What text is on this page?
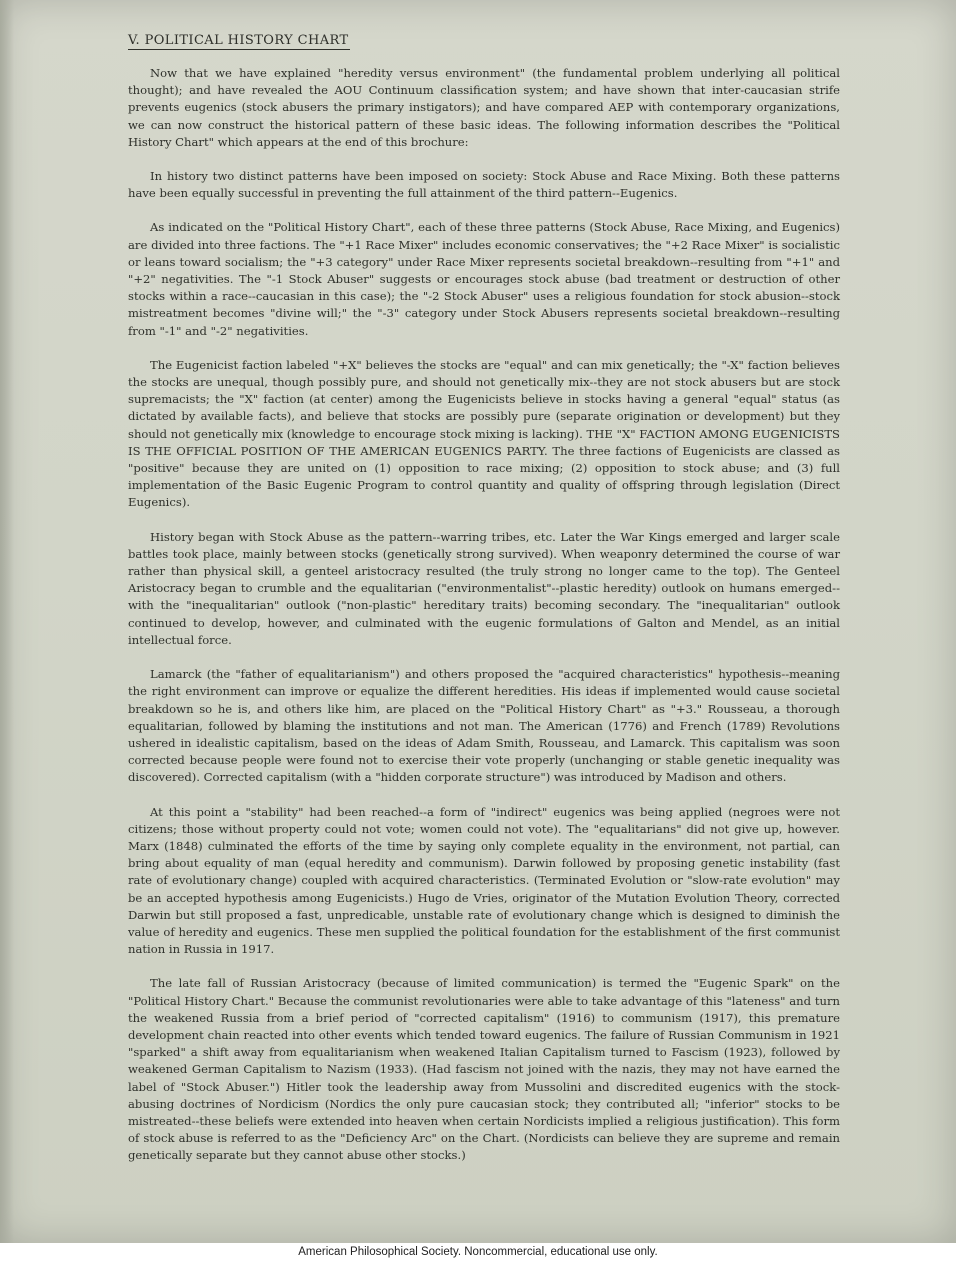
V. POLITICAL HISTORY CHART

Now that we have explained "heredity versus environment" (the fundamental problem underlying all political thought); and have revealed the AOU Continuum classification system; and have shown that inter-caucasian strife prevents eugenics (stock abusers the primary instigators); and have compared AEP with contemporary organizations, we can now construct the historical pattern of these basic ideas. The following information describes the "Political History Chart" which appears at the end of this brochure:

In history two distinct patterns have been imposed on society: Stock Abuse and Race Mixing. Both these patterns have been equally successful in preventing the full attainment of the third pattern--Eugenics.

As indicated on the "Political History Chart", each of these three patterns (Stock Abuse, Race Mixing, and Eugenics) are divided into three factions. The "+1 Race Mixer" includes economic conservatives; the "+2 Race Mixer" is socialistic or leans toward socialism; the "+3 category" under Race Mixer represents societal breakdown--resulting from "+1" and "+2" negativities. The "-1 Stock Abuser" suggests or encourages stock abuse (bad treatment or destruction of other stocks within a race--caucasian in this case); the "-2 Stock Abuser" uses a religious foundation for stock abusion--stock mistreatment becomes "divine will;" the "-3" category under Stock Abusers represents societal breakdown--resulting from "-1" and "-2" negativities.

The Eugenicist faction labeled "+X" believes the stocks are "equal" and can mix genetically; the "-X" faction believes the stocks are unequal, though possibly pure, and should not genetically mix--they are not stock abusers but are stock supremacists; the "X" faction (at center) among the Eugenicists believe in stocks having a general "equal" status (as dictated by available facts), and believe that stocks are possibly pure (separate origination or development) but they should not genetically mix (knowledge to encourage stock mixing is lacking). THE "X" FACTION AMONG EUGENICISTS IS THE OFFICIAL POSITION OF THE AMERICAN EUGENICS PARTY. The three factions of Eugenicists are classed as "positive" because they are united on (1) opposition to race mixing; (2) opposition to stock abuse; and (3) full implementation of the Basic Eugenic Program to control quantity and quality of offspring through legislation (Direct Eugenics).

History began with Stock Abuse as the pattern--warring tribes, etc. Later the War Kings emerged and larger scale battles took place, mainly between stocks (genetically strong survived). When weaponry determined the course of war rather than physical skill, a genteel aristocracy resulted (the truly strong no longer came to the top). The Genteel Aristocracy began to crumble and the equalitarian ("environmentalist"--plastic heredity) outlook on humans emerged--with the "inequalitarian" outlook ("non-plastic" hereditary traits) becoming secondary. The "inequalitarian" outlook continued to develop, however, and culminated with the eugenic formulations of Galton and Mendel, as an initial intellectual force.

Lamarck (the "father of equalitarianism") and others proposed the "acquired characteristics" hypothesis--meaning the right environment can improve or equalize the different heredities. His ideas if implemented would cause societal breakdown so he is, and others like him, are placed on the "Political History Chart" as "+3." Rousseau, a thorough equalitarian, followed by blaming the institutions and not man. The American (1776) and French (1789) Revolutions ushered in idealistic capitalism, based on the ideas of Adam Smith, Rousseau, and Lamarck. This capitalism was soon corrected because people were found not to exercise their vote properly (unchanging or stable genetic inequality was discovered). Corrected capitalism (with a "hidden corporate structure") was introduced by Madison and others.

At this point a "stability" had been reached--a form of "indirect" eugenics was being applied (negroes were not citizens; those without property could not vote; women could not vote). The "equalitarians" did not give up, however. Marx (1848) culminated the efforts of the time by saying only complete equality in the environment, not partial, can bring about equality of man (equal heredity and communism). Darwin followed by proposing genetic instability (fast rate of evolutionary change) coupled with acquired characteristics. (Terminated Evolution or "slow-rate evolution" may be an accepted hypothesis among Eugenicists.) Hugo de Vries, originator of the Mutation Evolution Theory, corrected Darwin but still proposed a fast, unpredicable, unstable rate of evolutionary change which is designed to diminish the value of heredity and eugenics. These men supplied the political foundation for the establishment of the first communist nation in Russia in 1917.

The late fall of Russian Aristocracy (because of limited communication) is termed the "Eugenic Spark" on the "Political History Chart." Because the communist revolutionaries were able to take advantage of this "lateness" and turn the weakened Russia from a brief period of "corrected capitalism" (1916) to communism (1917), this premature development chain reacted into other events which tended toward eugenics. The failure of Russian Communism in 1921 "sparked" a shift away from equalitarianism when weakened Italian Capitalism turned to Fascism (1923), followed by weakened German Capitalism to Nazism (1933). (Had fascism not joined with the nazis, they may not have earned the label of "Stock Abuser.") Hitler took the leadership away from Mussolini and discredited eugenics with the stock-abusing doctrines of Nordicism (Nordics the only pure caucasian stock; they contributed all; "inferior" stocks to be mistreated--these beliefs were extended into heaven when certain Nordicists implied a religious justification). This form of stock abuse is referred to as the "Deficiency Arc" on the Chart. (Nordicists can believe they are supreme and remain genetically separate but they cannot abuse other stocks.)

American Philosophical Society. Noncommercial, educational use only.
